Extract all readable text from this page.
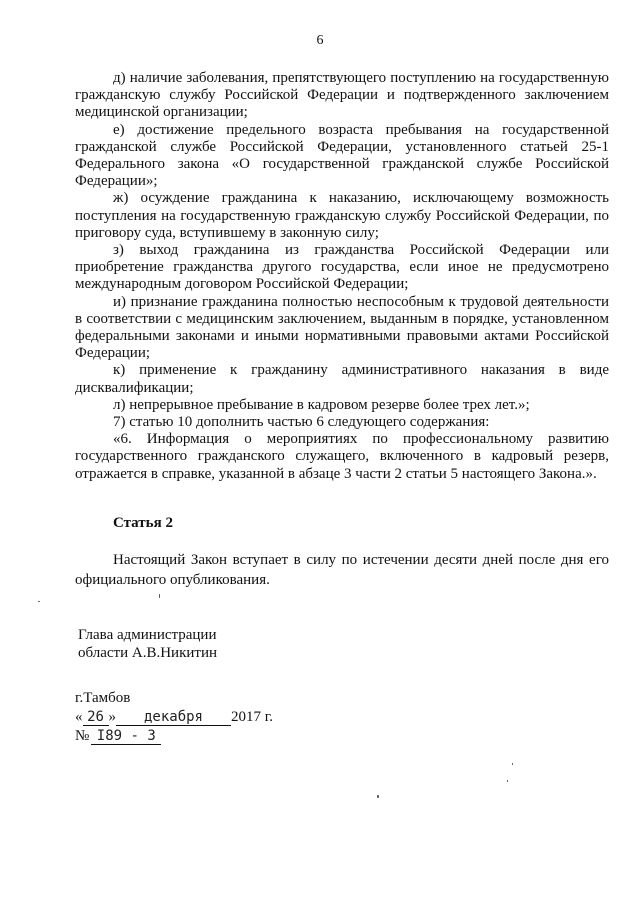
6

д) наличие заболевания, препятствующего поступлению на государственную гражданскую службу Российской Федерации и подтвержденного заключением медицинской организации;

е) достижение предельного возраста пребывания на государственной гражданской службе Российской Федерации, установленного статьей 25-1 Федерального закона «О государственной гражданской службе Российской Федерации»;

ж) осуждение гражданина к наказанию, исключающему возможность поступления на государственную гражданскую службу Российской Федерации, по приговору суда, вступившему в законную силу;

з) выход гражданина из гражданства Российской Федерации или приобретение гражданства другого государства, если иное не предусмотрено международным договором Российской Федерации;

и) признание гражданина полностью неспособным к трудовой деятельности в соответствии с медицинским заключением, выданным в порядке, установленном федеральными законами и иными нормативными правовыми актами Российской Федерации;

к) применение к гражданину административного наказания в виде дисквалификации;

л) непрерывное пребывание в кадровом резерве более трех лет.»;

7) статью 10 дополнить частью 6 следующего содержания:

«6. Информация о мероприятиях по профессиональному развитию государственного гражданского служащего, включенного в кадровый резерв, отражается в справке, указанной в абзаце 3 части 2 статьи 5 настоящего Закона.».

Статья 2

Настоящий Закон вступает в силу по истечении десяти дней после дня его официального опубликования.

Глава администрации
области А.В.Никитин
г.Тамбов
« 26 » декабря 2017 г.
№ I89 - 3
